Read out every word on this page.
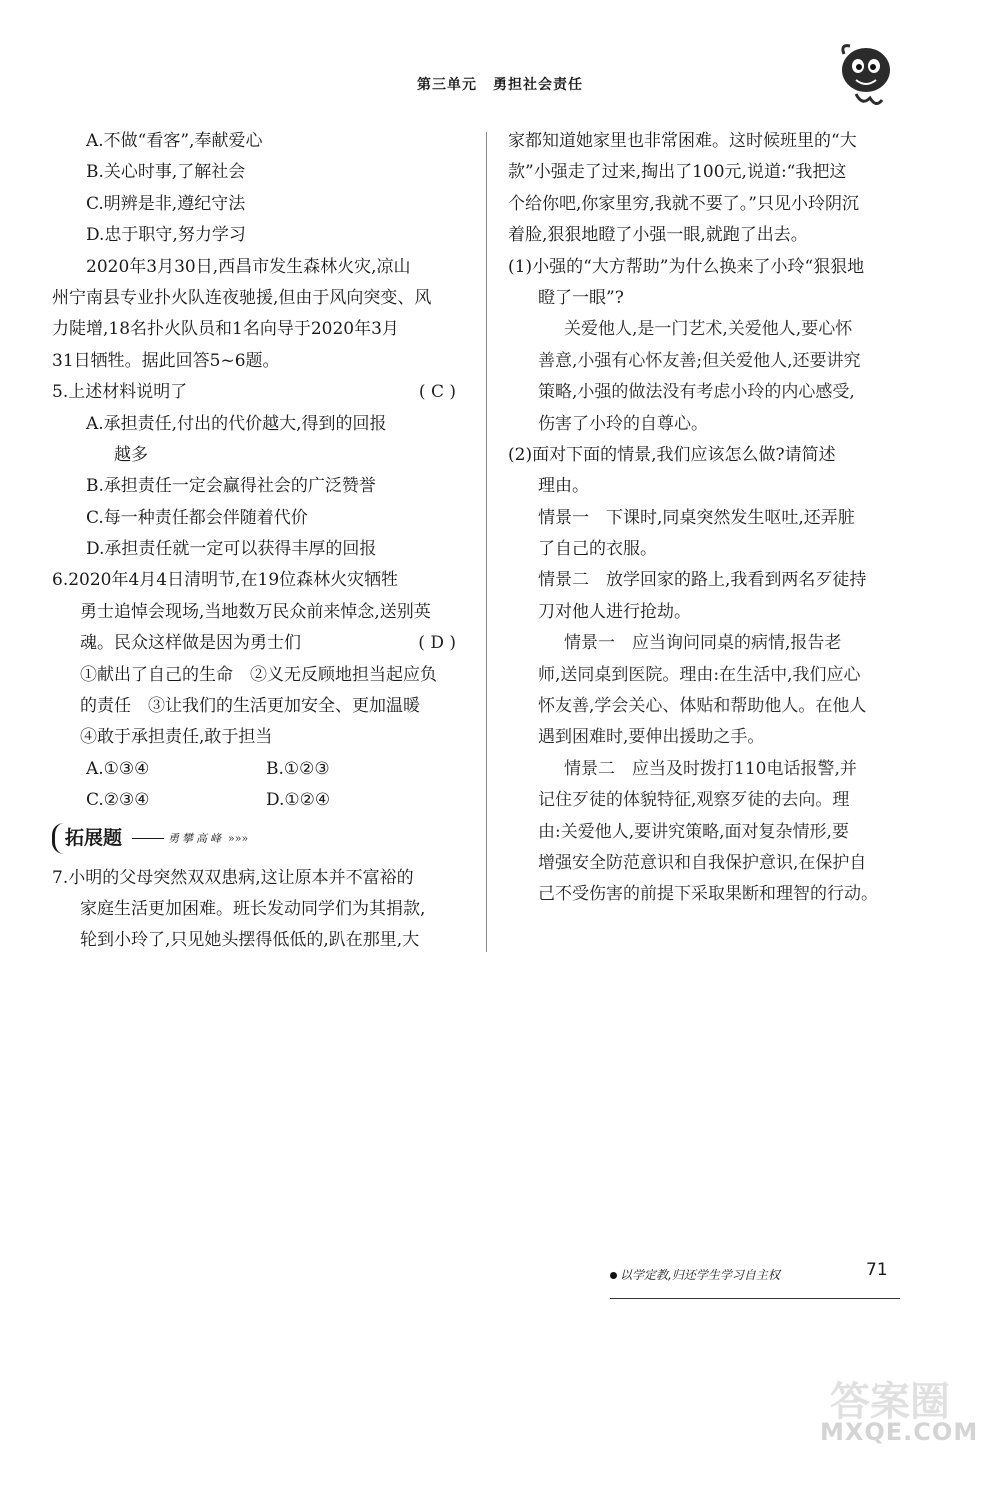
第三单元 勇担社会责任
A.不做“看客”,奉献爱心
B.关心时事,了解社会
C.明辨是非,遵纪守法
D.忠于职守,努力学习
2020年3月30日,西昌市发生森林火灾,凉山
州宁南县专业扑火队连夜驰援,但由于风向突变、风
力陡增,18名扑火队员和1名向导于2020年3月
31日牺牲。据此回答5~6题。
5.上述材料说明了	( C )
A.承担责任,付出的代价越大,得到的回报
越多
B.承担责任一定会赢得社会的广泛赞誉
C.每一种责任都会伴随着代价
D.承担责任就一定可以获得丰厚的回报
6.2020年4月4日清明节,在19位森林火灾牺牲
勇士追悼会现场,当地数万民众前来悼念,送别英
魂。民众这样做是因为勇士们	( D )
①献出了自己的生命　②义无反顾地担当起应负
的责任　③让我们的生活更加安全、更加温暖
④敢于承担责任,敢于担当
A.①③④	B.①②③
C.②③④	D.①②④
拓展题	勇攀高峰 »»»
7.小明的父母突然双双患病,这让原本并不富裕的
家庭生活更加困难。班长发动同学们为其捐款,
轮到小玲了,只见她头摆得低低的,趴在那里,大
家都知道她家里也非常困难。这时候班里的“大
款”小强走了过来,掏出了100元,说道:“我把这
个给你吧,你家里穷,我就不要了。”只见小玲阴沉
着脸,狠狠地瞪了小强一眼,就跑了出去。
(1)小强的“大方帮助”为什么换来了小玲“狠狠地
瞪了一眼”?
关爱他人,是一门艺术,关爱他人,要心怀
善意,小强有心怀友善;但关爱他人,还要讲究
策略,小强的做法没有考虑小玲的内心感受,
伤害了小玲的自尊心。
(2)面对下面的情景,我们应该怎么做?请简述
理由。
情景一　下课时,同桌突然发生呕吐,还弄脏
了自己的衣服。
情景二　放学回家的路上,我看到两名歹徒持
刀对他人进行抢劫。
情景一　应当询问同桌的病情,报告老
师,送同桌到医院。理由:在生活中,我们应心
怀友善,学会关心、体贴和帮助他人。在他人
遇到困难时,要伸出援助之手。
情景二　应当及时拨打110电话报警,并
记住歹徒的体貌特征,观察歹徒的去向。理
由:关爱他人,要讲究策略,面对复杂情形,要
增强安全防范意识和自我保护意识,在保护自
己不受伤害的前提下采取果断和理智的行动。
以学定教,归还学生学习自主权	71
答案圈
MXQE.COM
